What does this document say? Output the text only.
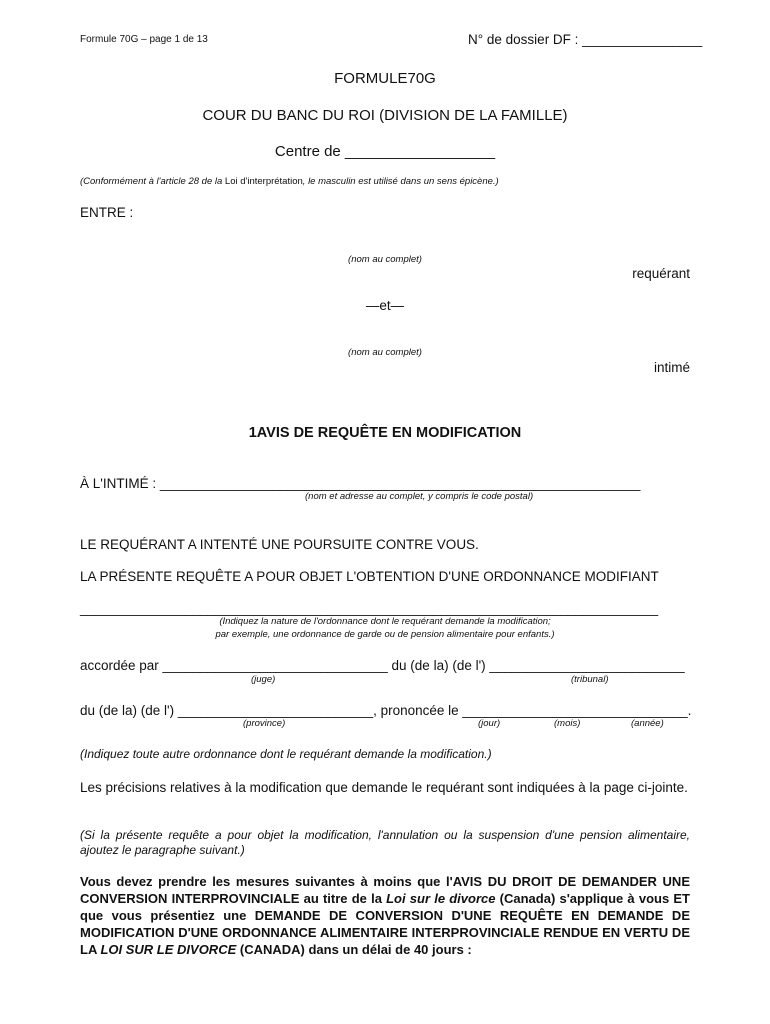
Formule 70G – page 1 de 13	N° de dossier DF : ________________
FORMULE70G
COUR DU BANC DU ROI (DIVISION DE LA FAMILLE)
Centre de __________________
(Conformément à l'article 28 de la Loi d'interprétation, le masculin est utilisé dans un sens épicène.)
ENTRE :
(nom au complet)
requérant
—et—
(nom au complet)
intimé
1AVIS DE REQUÊTE EN MODIFICATION
À L'INTIMÉ : ________________________________________________________________
(nom et adresse au complet, y compris le code postal)
LE REQUÉRANT A INTENTÉ UNE POURSUITE CONTRE VOUS.
LA PRÉSENTE REQUÊTE A POUR OBJET L'OBTENTION D'UNE ORDONNANCE MODIFIANT
_____________________________________________________________________________
(Indiquez la nature de l'ordonnance dont le requérant demande la modification;
par exemple, une ordonnance de garde ou de pension alimentaire pour enfants.)
accordée par ______________________________ du (de la) (de l') __________________________
(juge)	(tribunal)
du (de la) (de l') __________________________, prononcée le ______________________________.
(province)	(jour)	(mois)	(année)
(Indiquez toute autre ordonnance dont le requérant demande la modification.)
Les précisions relatives à la modification que demande le requérant sont indiquées à la page ci-jointe.
(Si la présente requête a pour objet la modification, l'annulation ou la suspension d'une pension alimentaire, ajoutez le paragraphe suivant.)
Vous devez prendre les mesures suivantes à moins que l'AVIS DU DROIT DE DEMANDER UNE CONVERSION INTERPROVINCIALE au titre de la Loi sur le divorce (Canada) s'applique à vous ET que vous présentiez une DEMANDE DE CONVERSION D'UNE REQUÊTE EN DEMANDE DE MODIFICATION D'UNE ORDONNANCE ALIMENTAIRE INTERPROVINCIALE RENDUE EN VERTU DE LA LOI SUR LE DIVORCE (CANADA) dans un délai de 40 jours :
